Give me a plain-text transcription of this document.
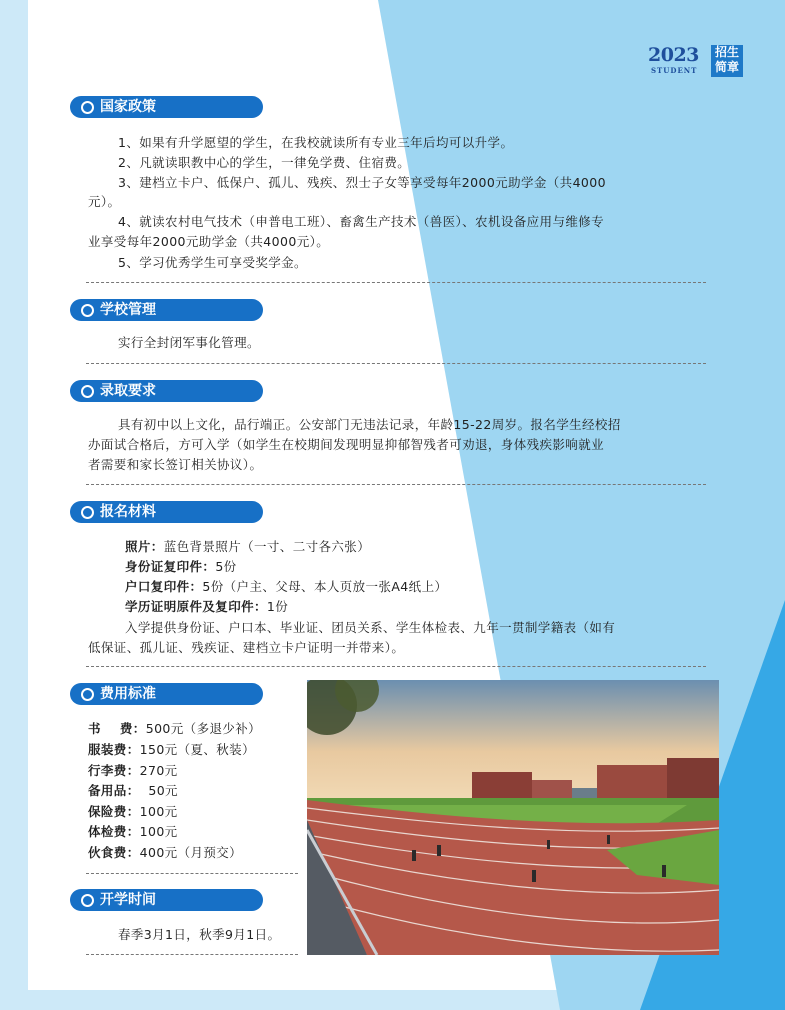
2023
STUDENT
招生简章
国家政策
1、如果有升学愿望的学生，在我校就读所有专业三年后均可以升学。
2、凡就读职教中心的学生，一律免学费、住宿费。
3、建档立卡户、低保户、孤儿、残疾、烈士子女等享受每年2000元助学金（共4000
元）。
4、就读农村电气技术（申普电工班）、畜禽生产技术（兽医）、农机设备应用与维修专
业享受每年2000元助学金（共4000元）。
5、学习优秀学生可享受奖学金。
学校管理
实行全封闭军事化管理。
录取要求
具有初中以上文化，品行端正。公安部门无违法记录，年龄15-22周岁。报名学生经校招
办面试合格后，方可入学（如学生在校期间发现明显抑郁智残者可劝退，身体残疾影响就业
者需要和家长签订相关协议）。
报名材料
照片：蓝色背景照片（一寸、二寸各六张）
身份证复印件：5份
户口复印件：5份（户主、父母、本人页放一张A4纸上）
学历证明原件及复印件：1份
入学提供身份证、户口本、毕业证、团员关系、学生体检表、九年一贯制学籍表（如有
低保证、孤儿证、残疾证、建档立卡户证明一并带来）。
费用标准
书    费：500元（多退少补）
服装费：150元（夏、秋装）
行李费：270元
备用品：  50元
保险费：100元
体检费：100元
伙食费：400元（月预交）
开学时间
春季3月1日，秋季9月1日。
